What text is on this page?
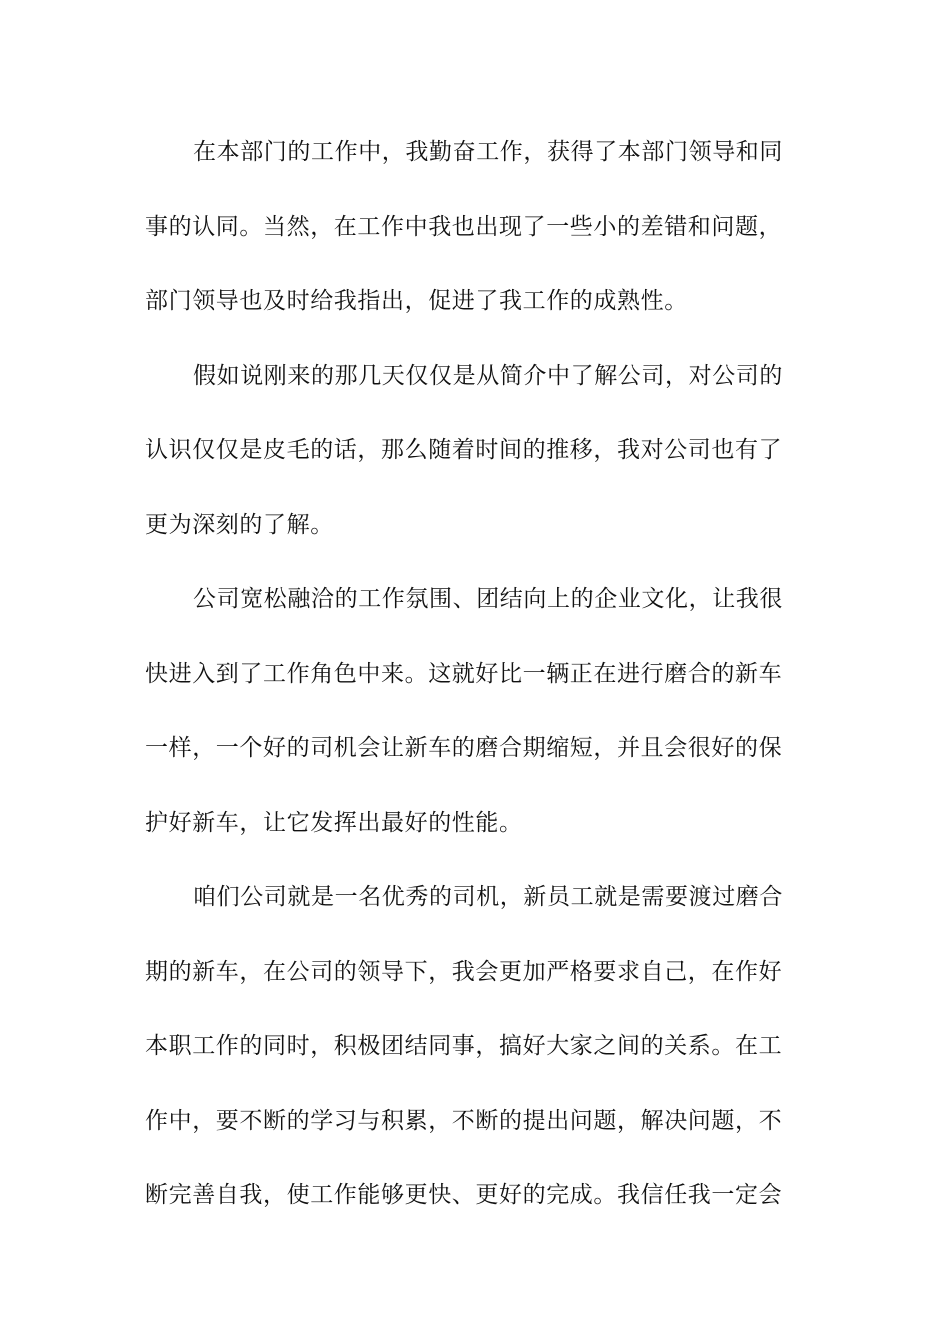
在本部门的工作中，我勤奋工作，获得了本部门领导和同
事的认同。当然，在工作中我也出现了一些小的差错和问题，
部门领导也及时给我指出，促进了我工作的成熟性。
假如说刚来的那几天仅仅是从简介中了解公司，对公司的
认识仅仅是皮毛的话，那么随着时间的推移，我对公司也有了
更为深刻的了解。
公司宽松融洽的工作氛围、团结向上的企业文化，让我很
快进入到了工作角色中来。这就好比一辆正在进行磨合的新车
一样，一个好的司机会让新车的磨合期缩短，并且会很好的保
护好新车，让它发挥出最好的性能。
咱们公司就是一名优秀的司机，新员工就是需要渡过磨合
期的新车，在公司的领导下，我会更加严格要求自己，在作好
本职工作的同时，积极团结同事，搞好大家之间的关系。在工
作中，要不断的学习与积累，不断的提出问题，解决问题，不
断完善自我，使工作能够更快、更好的完成。我信任我一定会
